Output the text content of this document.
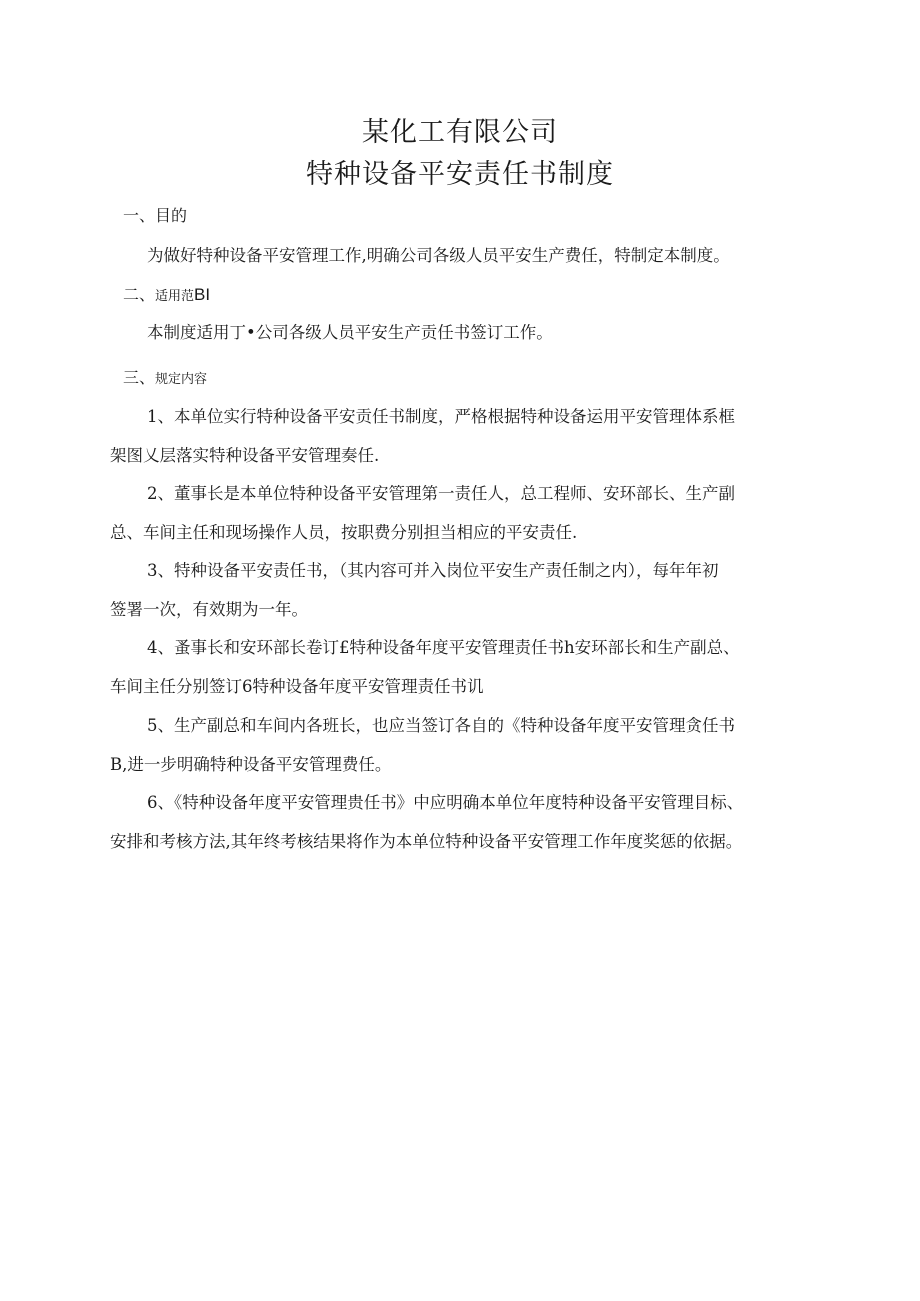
某化工有限公司
特种设备平安责任书制度
一、目的

为做好特种设备平安管理工作,明确公司各级人员平安生产费任，特制定本制度。

二、适用范BI

本制度适用丁•公司各级人员平安生产贡任书签订工作。

三、规定内容

1、本单位实行特种设备平安贡任书制度，严格根据特种设备运用平安管理体系框
架图乂层落实特种设备平安管理奏任.

2、董事长是本单位特种设备平安管理第一责任人，总工程师、安环部长、生产副
总、车间主任和现场操作人员，按职费分别担当相应的平安责任.

3、特种设备平安责任书，（其内容可并入岗位平安生产责任制之内），每年年初
签署一次，有效期为一年。

4、蚤事长和安环部长卷订£特种设备年度平安管理责任书h安环部长和生产副总、
车间主任分别签订6特种设备年度平安管理责任书讥

5、生产副总和车间内各班长，也应当签订各自的《特种设备年度平安管理贪任书
B,进一步明确特种设备平安管理费任。

6、《特种设备年度平安管理贵任书》中应明确本单位年度特种设备平安管理目标、
安排和考核方法,其年终考核结果将作为本单位特种设备平安管理工作年度奖惩的依据。
